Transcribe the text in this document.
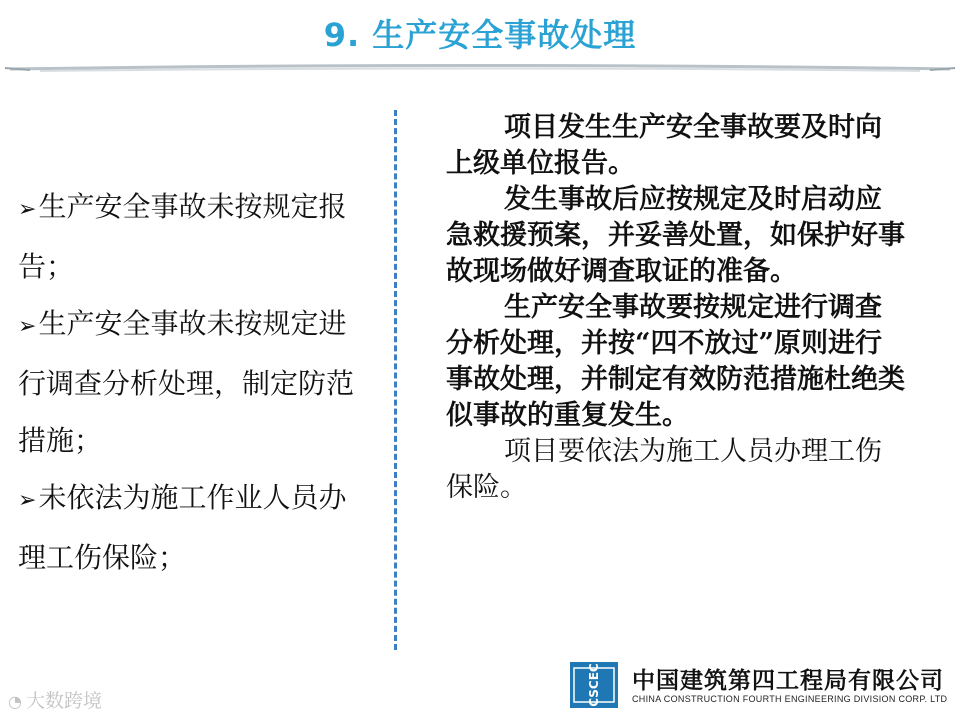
9. 生产安全事故处理
➢生产安全事故未按规定报告；
➢生产安全事故未按规定进行调查分析处理，制定防范措施；
➢未依法为施工作业人员办理工伤保险；

项目发生生产安全事故要及时向上级单位报告。

发生事故后应按规定及时启动应急救援预案，并妥善处置，如保护好事故现场做好调查取证的准备。

生产安全事故要按规定进行调查分析处理，并按“四不放过”原则进行事故处理，并制定有效防范措施杜绝类似事故的重复发生。

项目要依法为施工人员办理工伤保险。

CSCEC 中国建筑第四工程局有限公司
CHINA CONSTRUCTION FOURTH ENGINEERING DIVISION CORP. LTD
◔ 大数跨境
